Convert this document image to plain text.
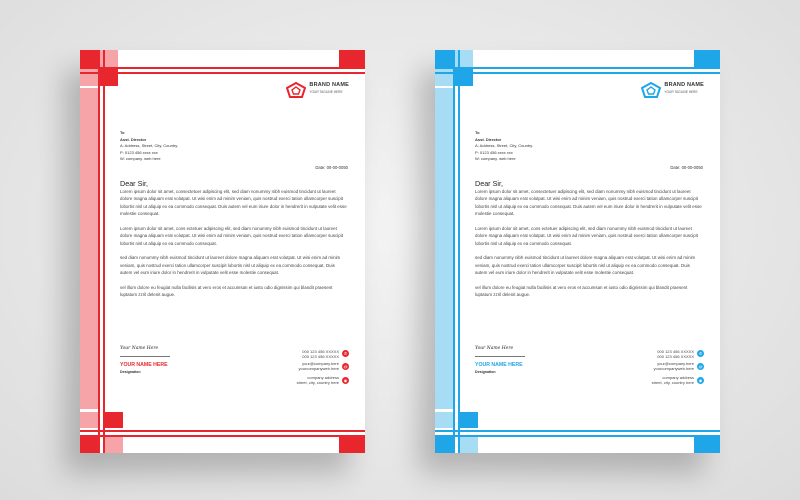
BRAND NAME
YOUR TAGLINE HERE
To
Asst. Director
A: Address, Street, City, Country.
P: 0123 456 xxxx xxx
W: company. web here
Date: 00-00-0050
Dear Sir,

Lorem ipsum dolor sit amet, consectetuer adipiscing elit, sed diam nonummy nibh euismod tincidunt ut laoreet dolore magna aliquam erat volutpat. Ut wisi enim ad minim veniam, quis nostrud exerci tation ullamcorper suscipit lobortis nisl ut aliquip ex ea commodo consequat. Duis autem vel eum iriure dolor in hendrerit in vulputate velit esse molestie consequat.

Lorem ipsum dolor sit amet, cons ectetuer adipiscing elit, sed diam nonummy nibh euismod tincidunt ut laoreet dolore magna aliquam erat volutpat. Ut wisi enim ad minim veniam, quis nostrud exerci tation ullamcorper suscipit lobortis nisl ut aliquip ex ea commodo consequat.

sed diam nonummy nibh euismod tincidunt ut laoreet dolore magna aliquam erat volutpat. Ut wisi enim ad minim veniam, quis nostrud exerci tation ullamcorper suscipit lobortis nisl ut aliquip ex ea commodo consequat. Duis autem vel eum iriure dolor in hendrerit in vulputate velit esse molestie consequat.

vel illum dolore eu feugiat nulla facilisis at vero eros et accumsan et iusto odio dignissim qui blandit praesent luptatum zzril delenit augue.

Your Name Here
YOUR NAME HERE
Designation
000 123 456 XXXXX
000 123 456 XXXXX
✆
your@company.here
yourcompanyweb.here	@
company address
street, city, country here	◉
BRAND NAME
YOUR TAGLINE HERE
To
Asst. Director
A: Address, Street, City, Country.
P: 0123 456 xxxx xxx
W: company. web here
Date: 00-00-0050
Dear Sir,

Lorem ipsum dolor sit amet, consectetuer adipiscing elit, sed diam nonummy nibh euismod tincidunt ut laoreet dolore magna aliquam erat volutpat. Ut wisi enim ad minim veniam, quis nostrud exerci tation ullamcorper suscipit lobortis nisl ut aliquip ex ea commodo consequat. Duis autem vel eum iriure dolor in hendrerit in vulputate velit esse molestie consequat.

Lorem ipsum dolor sit amet, cons ectetuer adipiscing elit, sed diam nonummy nibh euismod tincidunt ut laoreet dolore magna aliquam erat volutpat. Ut wisi enim ad minim veniam, quis nostrud exerci tation ullamcorper suscipit lobortis nisl ut aliquip ex ea commodo consequat.

sed diam nonummy nibh euismod tincidunt ut laoreet dolore magna aliquam erat volutpat. Ut wisi enim ad minim veniam, quis nostrud exerci tation ullamcorper suscipit lobortis nisl ut aliquip ex ea commodo consequat. Duis autem vel eum iriure dolor in hendrerit in vulputate velit esse molestie consequat.

vel illum dolore eu feugiat nulla facilisis at vero eros et accumsan et iusto odio dignissim qui blandit praesent luptatum zzril delenit augue.

Your Name Here
YOUR NAME HERE
Designation
000 123 456 XXXXX
000 123 456 XXXXX
✆
your@company.here
yourcompanyweb.here	@
company address
street, city, country here	◉
